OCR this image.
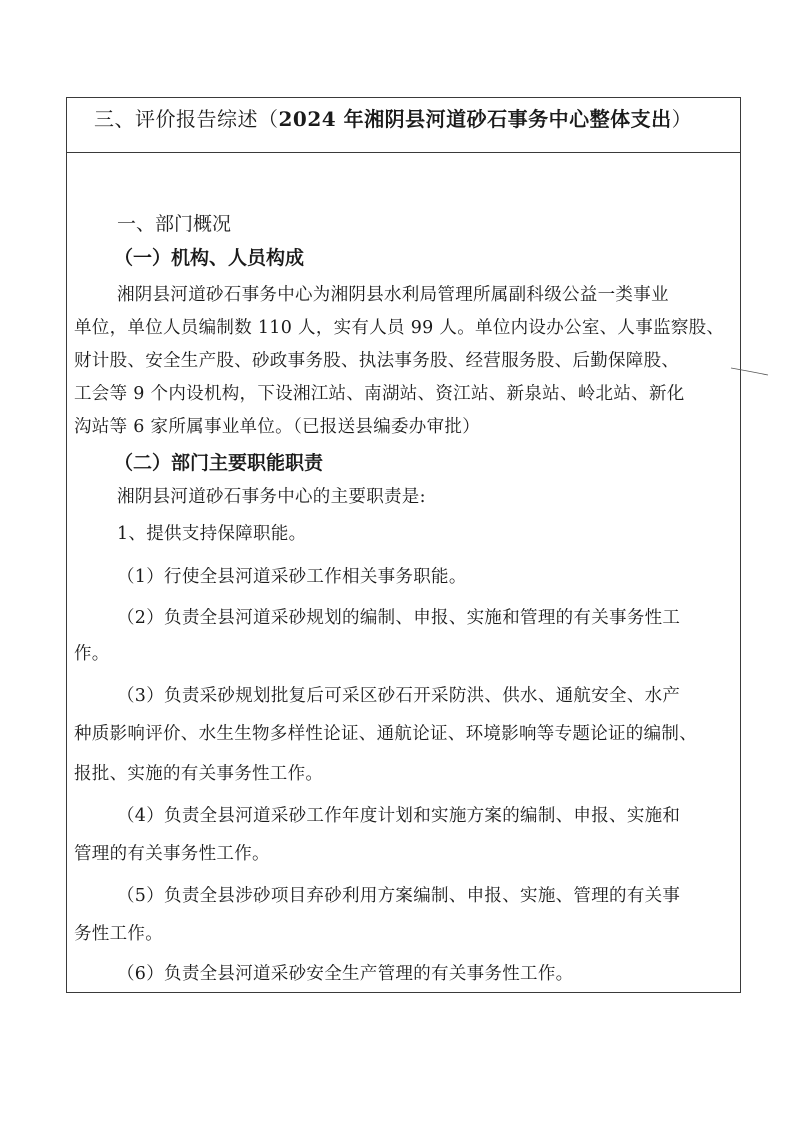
三、评价报告综述（2024 年湘阴县河道砂石事务中心整体支出）
一、部门概况
（一）机构、人员构成
湘阴县河道砂石事务中心为湘阴县水利局管理所属副科级公益一类事业
单位，单位人员编制数 110 人，实有人员 99 人。单位内设办公室、人事监察股、
财计股、安全生产股、砂政事务股、执法事务股、经营服务股、后勤保障股、
工会等 9 个内设机构，下设湘江站、南湖站、资江站、新泉站、岭北站、新化
沟站等 6 家所属事业单位。（已报送县编委办审批）
（二）部门主要职能职责
湘阴县河道砂石事务中心的主要职责是:
1、提供支持保障职能。
（1）行使全县河道采砂工作相关事务职能。
（2）负责全县河道采砂规划的编制、申报、实施和管理的有关事务性工
作。
（3）负责采砂规划批复后可采区砂石开采防洪、供水、通航安全、水产
种质影响评价、水生生物多样性论证、通航论证、环境影响等专题论证的编制、
报批、实施的有关事务性工作。
（4）负责全县河道采砂工作年度计划和实施方案的编制、申报、实施和
管理的有关事务性工作。
（5）负责全县涉砂项目弃砂利用方案编制、申报、实施、管理的有关事
务性工作。
（6）负责全县河道采砂安全生产管理的有关事务性工作。
